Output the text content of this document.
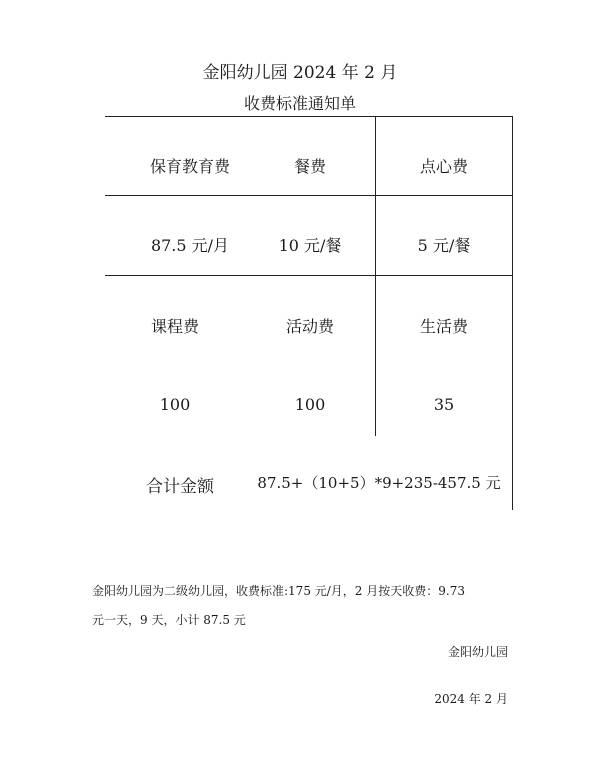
金阳幼儿园 2024 年 2 月
收费标准通知单
保育教育费	餐费	点心费
87.5 元/月	10 元/餐	5 元/餐
课程费	活动费	生活费
100	100	35
合计金额	87.5+（10+5）*9+235-457.5 元
金阳幼儿园为二级幼儿园，收费标准:175 元/月，2 月按天收费：9.73
元一天，9 天，小计 87.5 元
金阳幼儿园
2024 年 2 月
